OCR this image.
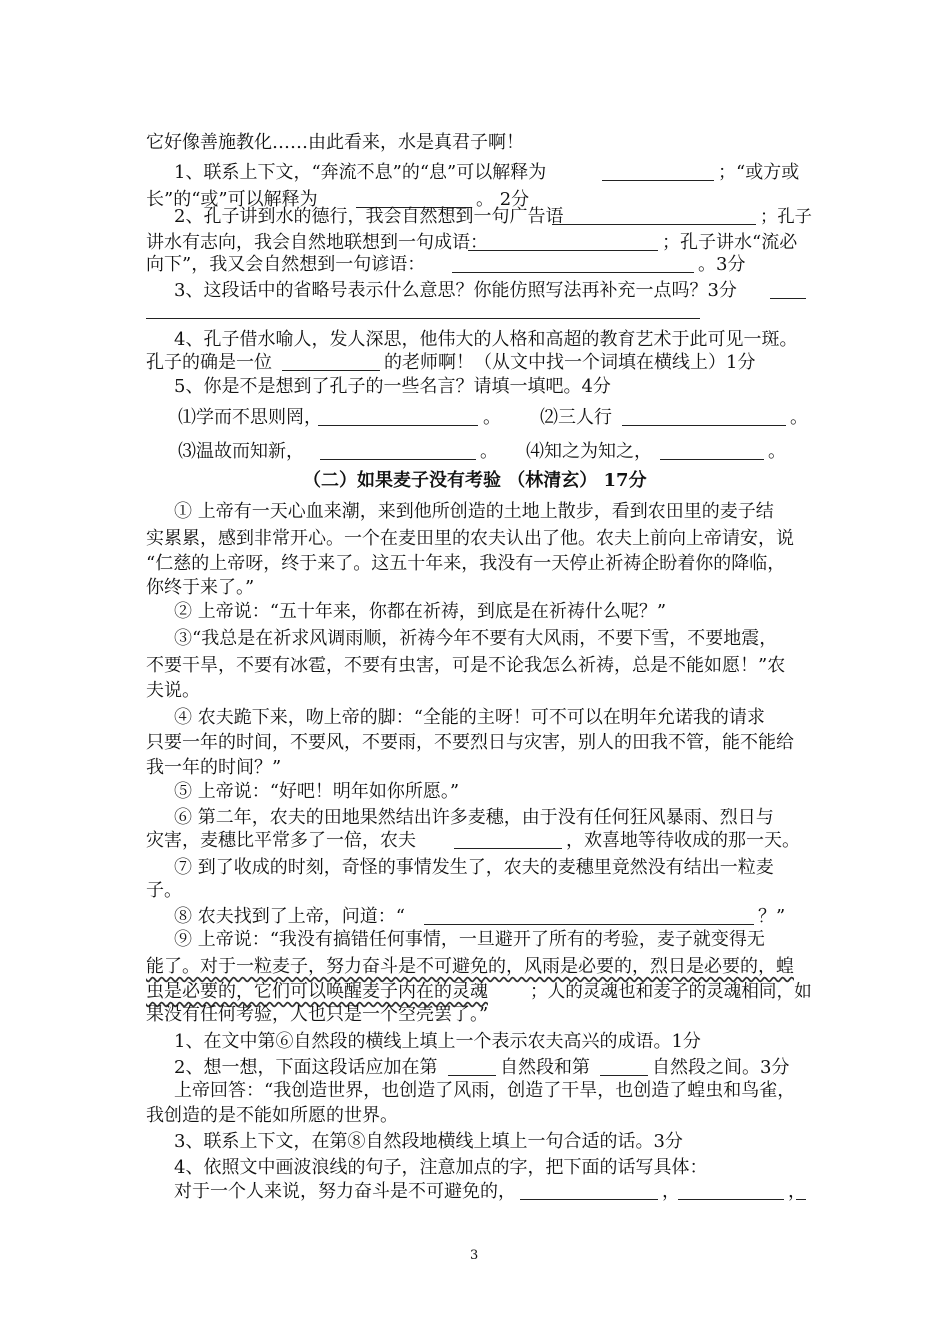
它好像善施教化……由此看来，水是真君子啊！
1、联系上下文，“奔流不息”的“息”可以解释为	；“或方或
长”的“或”可以解释为	。 2分
2、孔子讲到水的德行，我会自然想到一句广告语	；孔子
讲水有志向，我会自然地联想到一句成语：	；孔子讲水“流必
向下”，我又会自然想到一句谚语：	。3分
3、这段话中的省略号表示什么意思？你能仿照写法再补充一点吗？3分
4、孔子借水喻人，发人深思，他伟大的人格和高超的教育艺术于此可见一斑。
孔子的确是一位	的老师啊！（从文中找一个词填在横线上）1分
5、你是不是想到了孔子的一些名言？请填一填吧。4分
⑴学而不思则罔，	。 ⑵三人行	。
⑶温故而知新，	。 ⑷知之为知之，	。
（二）如果麦子没有考验 （林清玄） 17分
① 上帝有一天心血来潮，来到他所创造的土地上散步，看到农田里的麦子结
实累累，感到非常开心。一个在麦田里的农夫认出了他。农夫上前向上帝请安，说
“仁慈的上帝呀，终于来了。这五十年来，我没有一天停止祈祷企盼着你的降临，
你终于来了。”
② 上帝说：“五十年来，你都在祈祷，到底是在祈祷什么呢？”
③“我总是在祈求风调雨顺，祈祷今年不要有大风雨，不要下雪，不要地震，
不要干旱，不要有冰雹，不要有虫害，可是不论我怎么祈祷，总是不能如愿！”农
夫说。
④ 农夫跪下来，吻上帝的脚：“全能的主呀！可不可以在明年允诺我的请求
只要一年的时间，不要风，不要雨，不要烈日与灾害，别人的田我不管，能不能给
我一年的时间？”
⑤ 上帝说：“好吧！明年如你所愿。”
⑥ 第二年，农夫的田地果然结出许多麦穗，由于没有任何狂风暴雨、烈日与
灾害，麦穗比平常多了一倍，农夫	，欢喜地等待收成的那一天。
⑦ 到了收成的时刻，奇怪的事情发生了，农夫的麦穗里竟然没有结出一粒麦
子。
⑧ 农夫找到了上帝，问道：“	？”
⑨ 上帝说：“我没有搞错任何事情，一旦避开了所有的考验，麦子就变得无
能了。对于一粒麦子，努力奋斗是不可避免的，风雨是必要的，烈日是必要的，蝗
虫是必要的，它们可以唤醒麦子内在的灵魂 ；人的灵魂也和麦子的灵魂相同，如
果没有任何考验，人也只是一个空壳罢了。”
1、在文中第⑥自然段的横线上填上一个表示农夫高兴的成语。1分
2、想一想，下面这段话应加在第	自然段和第	自然段之间。3分
上帝回答：“我创造世界，也创造了风雨，创造了干旱，也创造了蝗虫和鸟雀，
我创造的是不能如所愿的世界。
3、联系上下文，在第⑧自然段地横线上填上一句合适的话。3分
4、依照文中画波浪线的句子，注意加点的字，把下面的话写具体：
对于一个人来说，努力奋斗是不可避免的，	，	，
3
